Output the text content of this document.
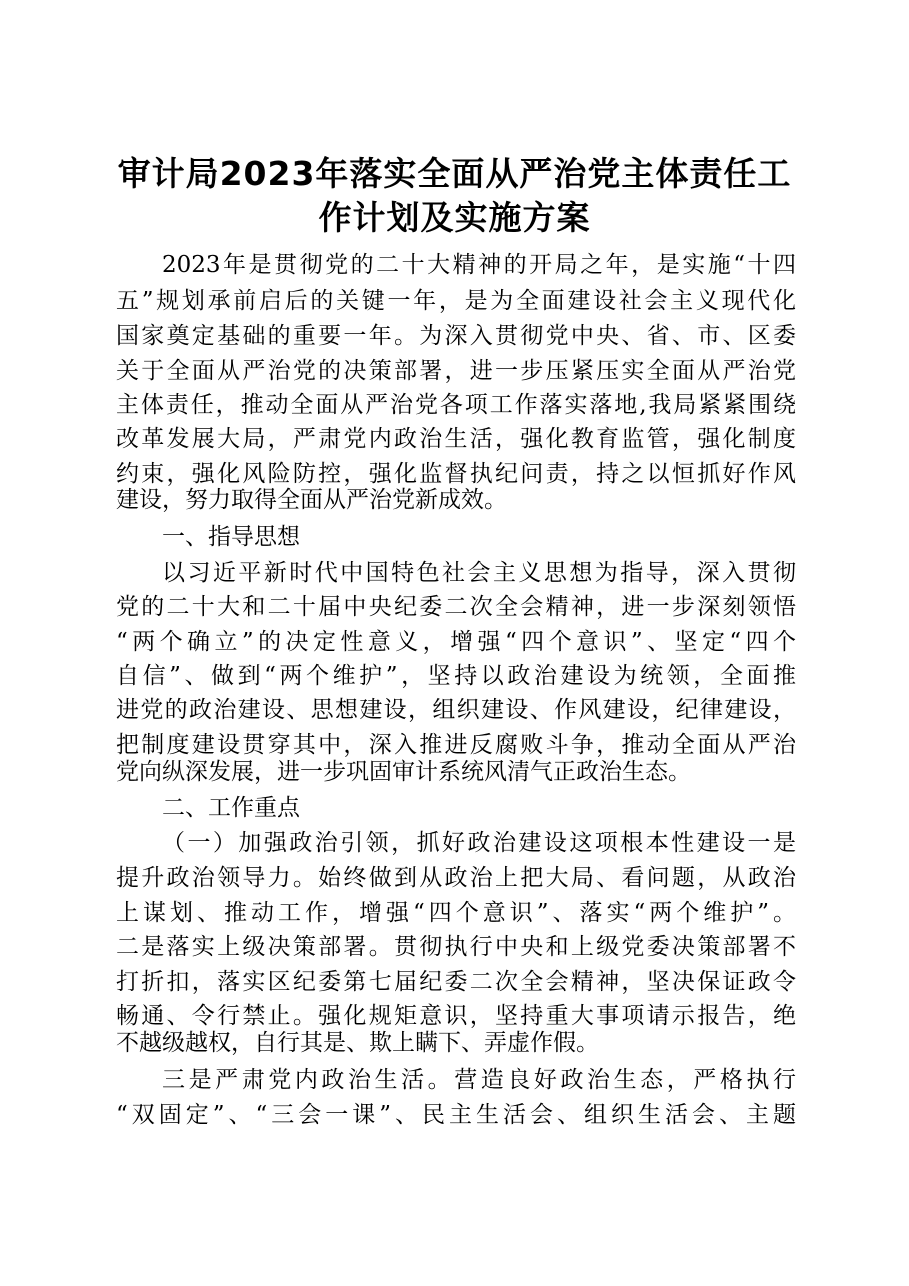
审计局2023年落实全面从严治党主体责任工
作计划及实施方案
2023年是贯彻党的二十大精神的开局之年，是实施“十四
五”规划承前启后的关键一年，是为全面建设社会主义现代化
国家奠定基础的重要一年。为深入贯彻党中央、省、市、区委
关于全面从严治党的决策部署，进一步压紧压实全面从严治党
主体责任，推动全面从严治党各项工作落实落地,我局紧紧围绕
改革发展大局，严肃党内政治生活，强化教育监管，强化制度
约束，强化风险防控，强化监督执纪问责，持之以恒抓好作风
建设，努力取得全面从严治党新成效。
一、指导思想
以习近平新时代中国特色社会主义思想为指导，深入贯彻
党的二十大和二十届中央纪委二次全会精神，进一步深刻领悟
“两个确立”的决定性意义，增强“四个意识”、坚定“四个
自信”、做到“两个维护”，坚持以政治建设为统领，全面推
进党的政治建设、思想建设，组织建设、作风建设，纪律建设，
把制度建设贯穿其中，深入推进反腐败斗争，推动全面从严治
党向纵深发展，进一步巩固审计系统风清气正政治生态。
二、工作重点
（一）加强政治引领，抓好政治建设这项根本性建设一是
提升政治领导力。始终做到从政治上把大局、看问题，从政治
上谋划、推动工作，增强“四个意识”、落实“两个维护”。
二是落实上级决策部署。贯彻执行中央和上级党委决策部署不
打折扣，落实区纪委第七届纪委二次全会精神，坚决保证政令
畅通、令行禁止。强化规矩意识，坚持重大事项请示报告，绝
不越级越权，自行其是、欺上瞒下、弄虚作假。
三是严肃党内政治生活。营造良好政治生态，严格执行
“双固定”、“三会一课”、民主生活会、组织生活会、主题
